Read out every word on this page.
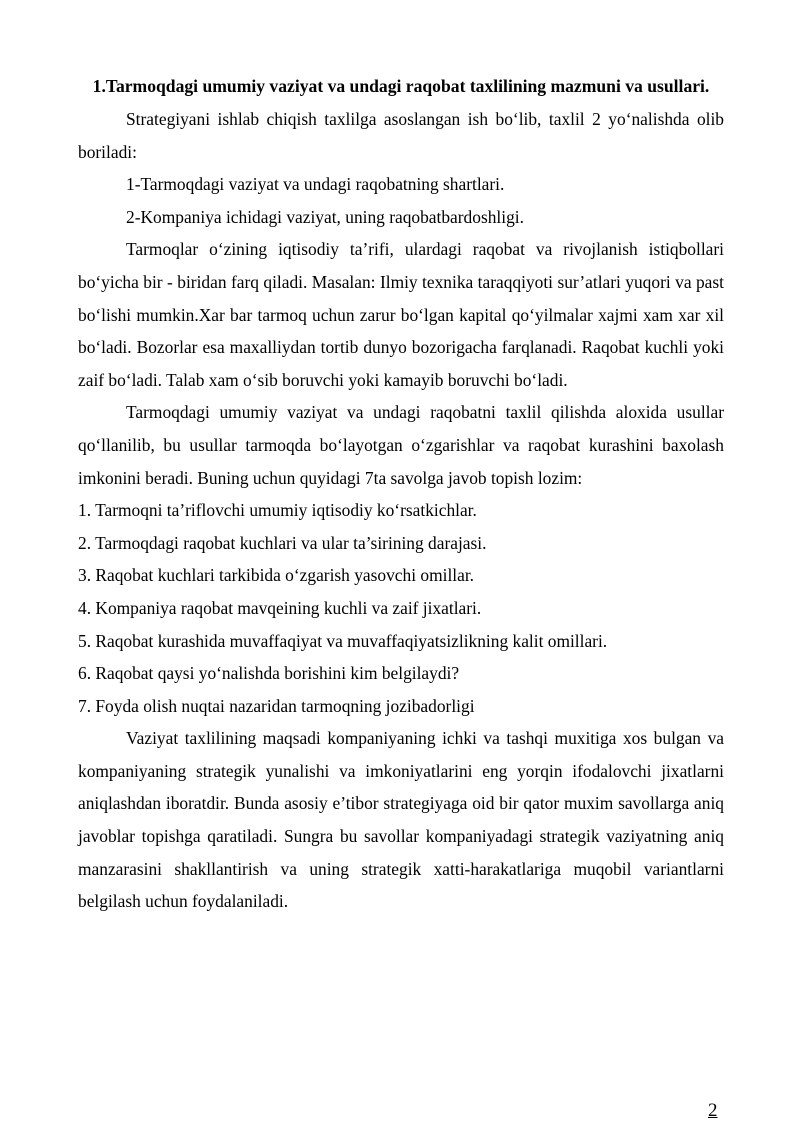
1.Tarmoqdagi umumiy vaziyat va undagi raqobat taxlilining mazmuni va usullari.

Strategiyani ishlab chiqish taxlilga asoslangan ish bo‘lib, taxlil 2 yo‘nalishda olib boriladi:

1-Tarmoqdagi vaziyat va undagi raqobatning shartlari.

2-Kompaniya ichidagi vaziyat, uning raqobatbardoshligi.

Tarmoqlar o‘zining iqtisodiy ta’rifi, ulardagi raqobat va rivojlanish istiqbollari bo‘yicha bir - biridan farq qiladi. Masalan: Ilmiy texnika taraqqiyoti sur’atlari yuqori va past bo‘lishi mumkin.Xar bar tarmoq uchun zarur bo‘lgan kapital qo‘yilmalar xajmi xam xar xil bo‘ladi. Bozorlar esa maxalliydan tortib dunyo bozorigacha farqlanadi. Raqobat kuchli yoki zaif bo‘ladi. Talab xam o‘sib boruvchi yoki kamayib boruvchi bo‘ladi.

Tarmoqdagi umumiy vaziyat va undagi raqobatni taxlil qilishda aloxida usullar qo‘llanilib, bu usullar tarmoqda bo‘layotgan o‘zgarishlar va raqobat kurashini baxolash imkonini beradi. Buning uchun quyidagi 7ta savolga javob topish lozim:

1. Tarmoqni ta’riflovchi umumiy iqtisodiy ko‘rsatkichlar.

2. Tarmoqdagi raqobat kuchlari va ular ta’sirining darajasi.

3. Raqobat kuchlari tarkibida o‘zgarish yasovchi omillar.

4. Kompaniya raqobat mavqeining kuchli va zaif jixatlari.

5. Raqobat kurashida muvaffaqiyat va muvaffaqiyatsizlikning kalit omillari.

6. Raqobat qaysi yo‘nalishda borishini kim belgilaydi?

7. Foyda olish nuqtai nazaridan tarmoqning jozibadorligi

Vaziyat taxlilining maqsadi kompaniyaning ichki va tashqi muxitiga xos bulgan va kompaniyaning strategik yunalishi va imkoniyatlarini eng yorqin ifodalovchi jixatlarni aniqlashdan iboratdir. Bunda asosiy e’tibor strategiyaga oid bir qator muxim savollarga aniq javoblar topishga qaratiladi. Sungra bu savollar kompaniyadagi strategik vaziyatning aniq manzarasini shakllantirish va uning strategik xatti-harakatlariga muqobil variantlarni belgilash uchun foydalaniladi.

2
